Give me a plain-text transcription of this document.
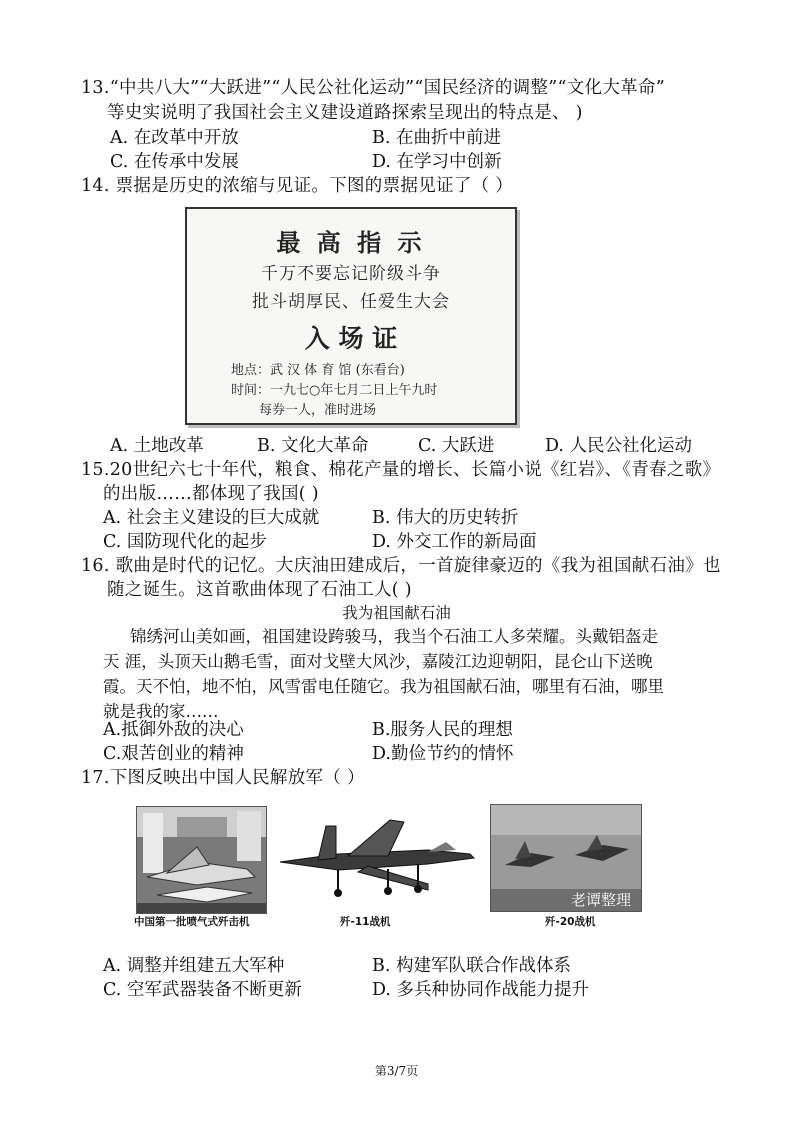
13.“中共八大”“大跃进”“人民公社化运动”“国民经济的调整”“文化大革命”
等史实说明了我国社会主义建设道路探索呈现出的特点是、 )
A. 在改革中开放	B. 在曲折中前进
C. 在传承中发展	D. 在学习中创新
14. 票据是历史的浓缩与见证。下图的票据见证了（ ）
最 高 指 示
千万不要忘记阶级斗争
批斗胡厚民、任爱生大会
入 场 证
地点：武 汉 体 育 馆 (东看台)
时间：一九七○年七月二日上午九时
每券一人，准时进场
A. 土地改革	B. 文化大革命	C. 大跃进	D. 人民公社化运动
15.20世纪六七十年代，粮食、棉花产量的增长、长篇小说《红岩》、《青春之歌》
的出版……都体现了我国( )
A. 社会主义建设的巨大成就	B. 伟大的历史转折
C. 国防现代化的起步	D. 外交工作的新局面
16. 歌曲是时代的记忆。大庆油田建成后，一首旋律豪迈的《我为祖国献石油》也
随之诞生。这首歌曲体现了石油工人( )
我为祖国献石油
锦绣河山美如画，祖国建设跨骏马，我当个石油工人多荣耀。头戴铝盔走
天 涯，头顶天山鹅毛雪，面对戈壁大风沙，嘉陵江边迎朝阳，昆仑山下送晚
霞。天不怕，地不怕，风雪雷电任随它。我为祖国献石油，哪里有石油，哪里
就是我的家……
A.抵御外敌的决心	B.服务人民的理想
C.艰苦创业的精神	D.勤俭节约的情怀
17.下图反映出中国人民解放军（ ）
中国第一批喷气式歼击机	歼-11战机
老谭整理
歼-20战机
A. 调整并组建五大军种	B. 构建军队联合作战体系
C. 空军武器装备不断更新	D. 多兵种协同作战能力提升
第3/7页
